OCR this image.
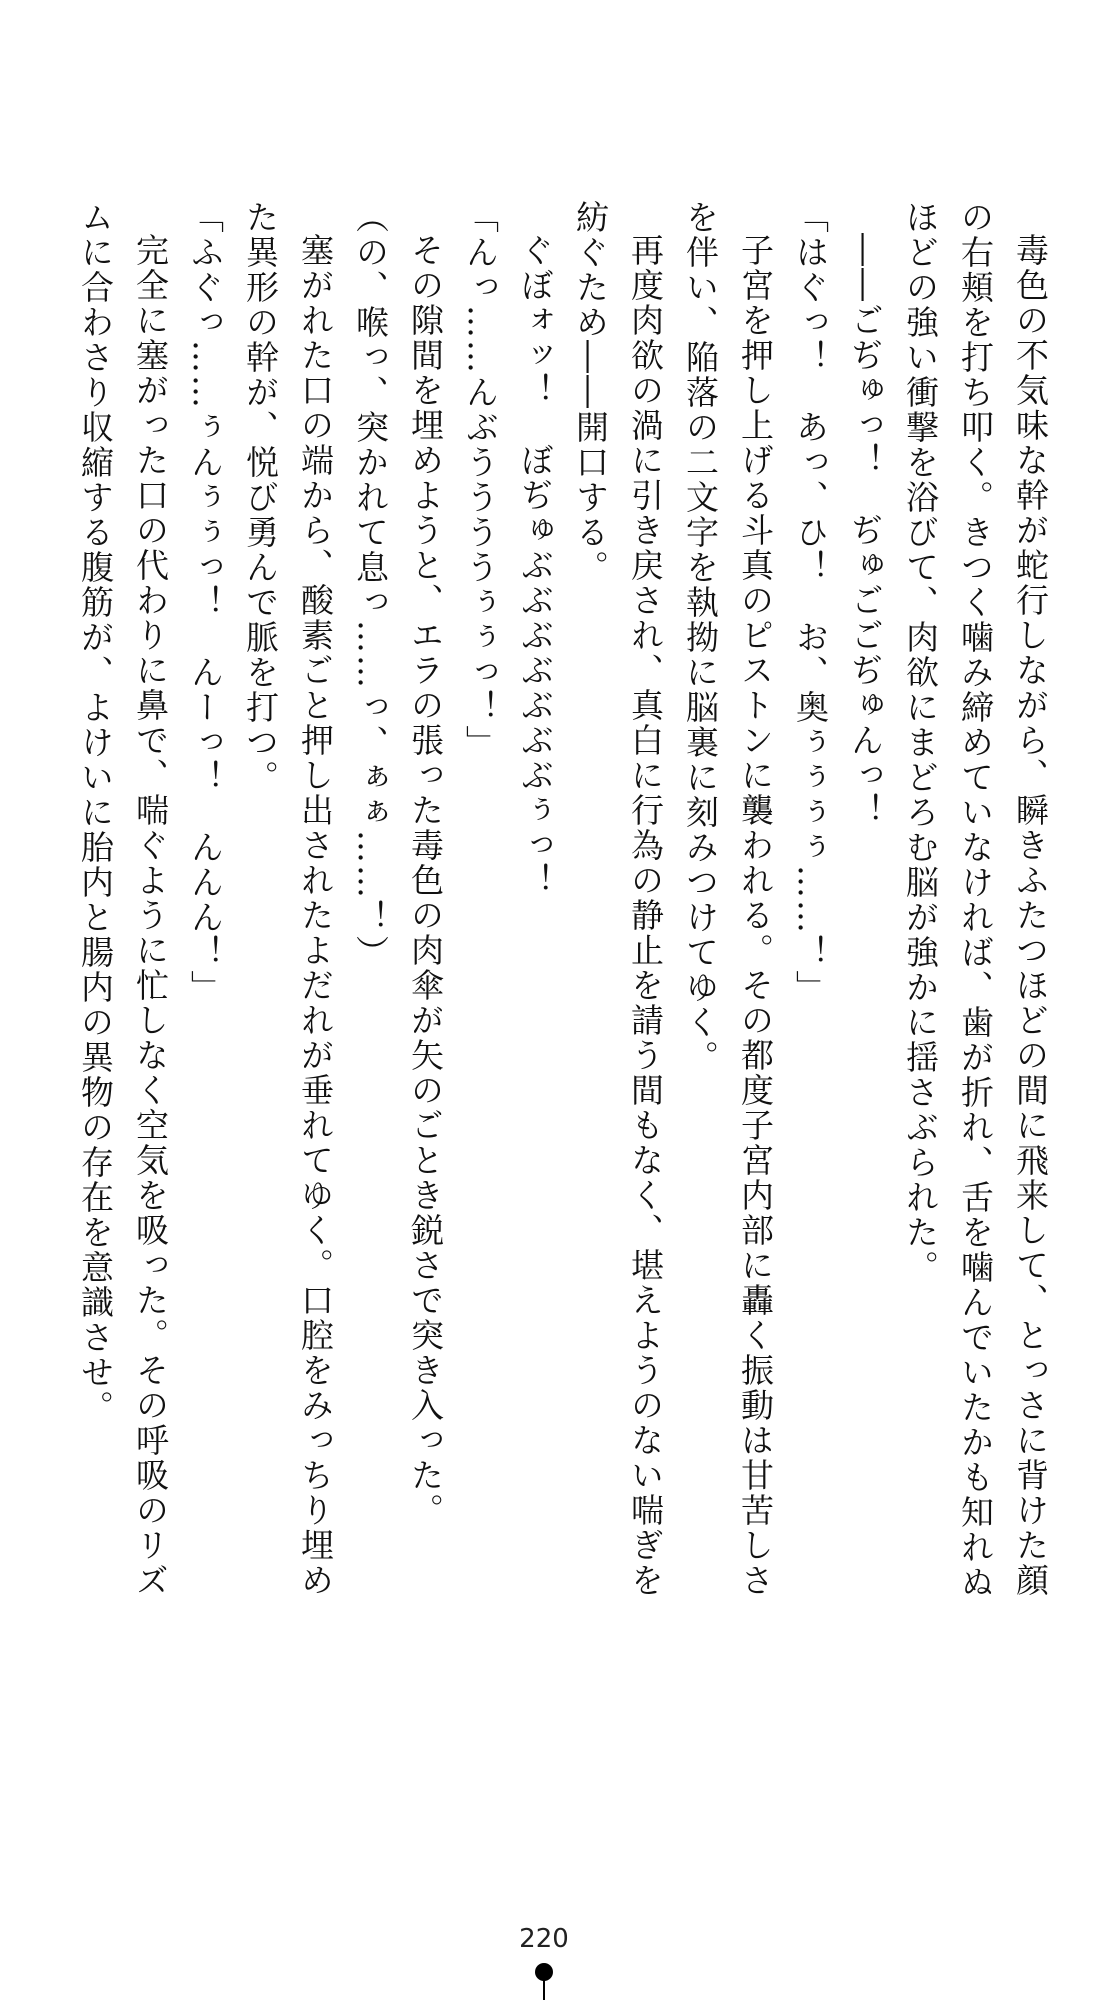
毒色の不気味な幹が蛇行しながら、瞬きふたつほどの間に飛来して、とっさに背けた顔
の右頬を打ち叩く。きつく噛み締めていなければ、歯が折れ、舌を噛んでいたかも知れぬ
ほどの強い衝撃を浴びて、肉欲にまどろむ脳が強かに揺さぶられた。
――ごぢゅっ！　ぢゅごごぢゅんっ！
「はぐっ！　あっ、ひ！　お、奥ぅぅぅぅ……！」
子宮を押し上げる斗真のピストンに襲われる。その都度子宮内部に轟く振動は甘苦しさ
を伴い、陥落の二文字を執拗に脳裏に刻みつけてゆく。
再度肉欲の渦に引き戻され、真白に行為の静止を請う間もなく、堪えようのない喘ぎを
紡ぐため――開口する。
ぐぼォッ！　ぼぢゅぶぶぶぶぶぶぶぅっ！
「んっ……んぶううううぅぅっ！」
その隙間を埋めようと、エラの張った毒色の肉傘が矢のごとき鋭さで突き入った。
（の、喉っ、突かれて息っ……っ、ぁぁ……！）
塞がれた口の端から、酸素ごと押し出されたよだれが垂れてゆく。口腔をみっちり埋め
た異形の幹が、悦び勇んで脈を打つ。
「ふぐっ……ぅんぅぅっ！　んーっ！　んんん！」
完全に塞がった口の代わりに鼻で、喘ぐように忙しなく空気を吸った。その呼吸のリズ
ムに合わさり収縮する腹筋が、よけいに胎内と腸内の異物の存在を意識させ。
220
